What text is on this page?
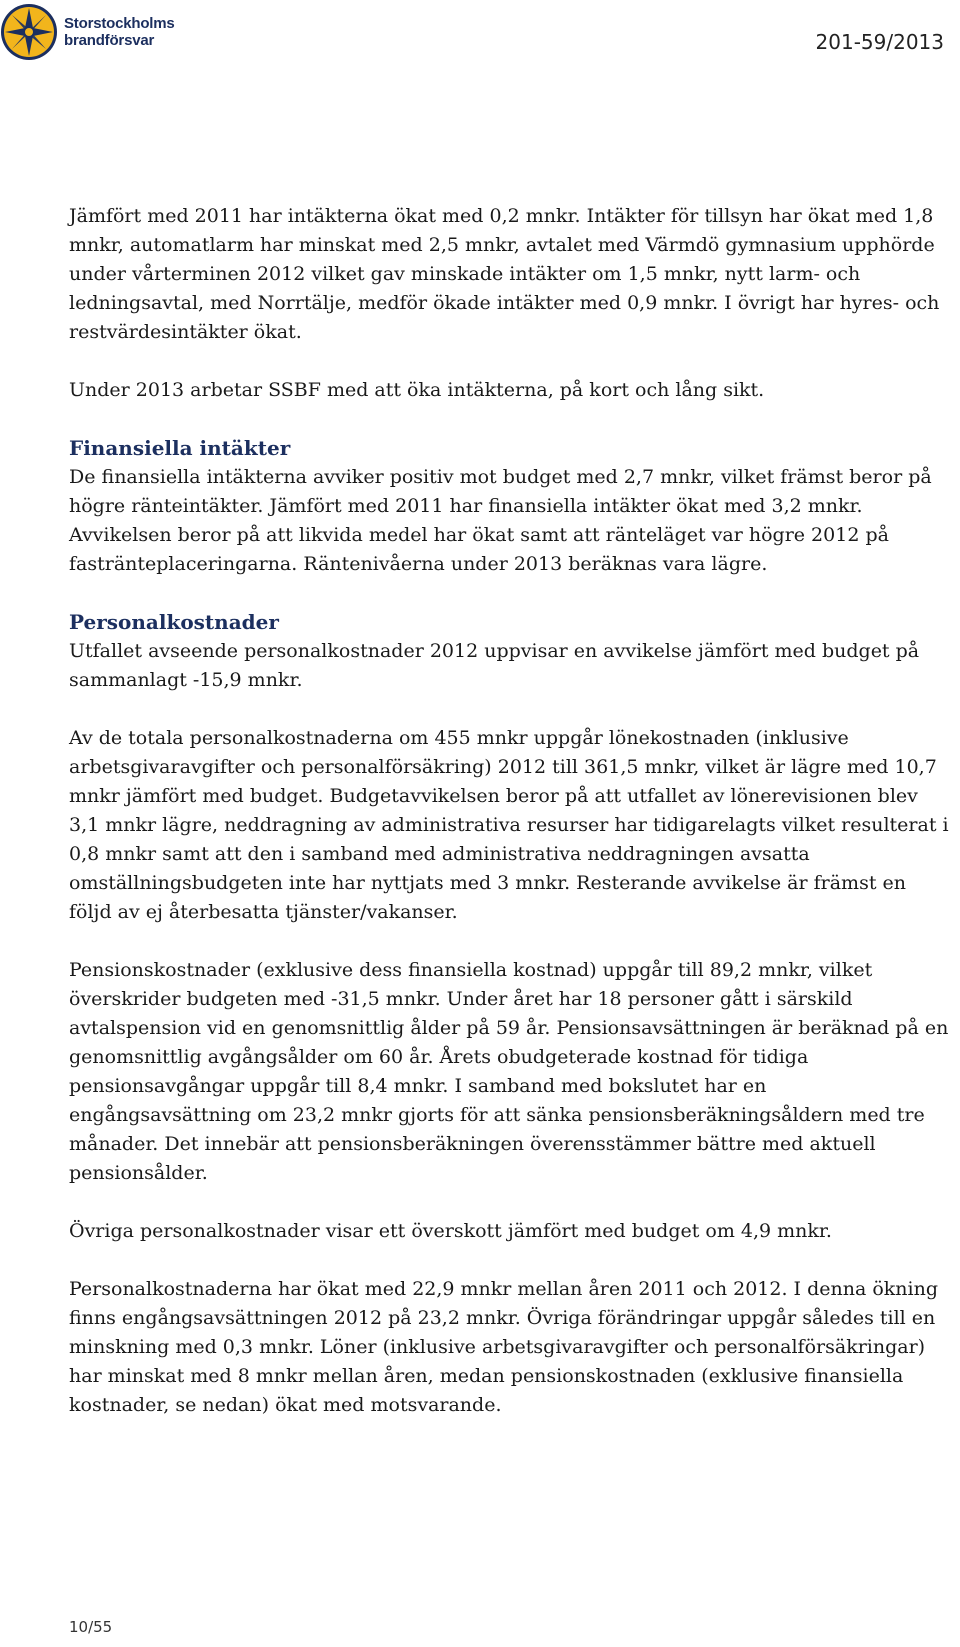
Storstockholms
brandförsvar	201-59/2013

Jämfört med 2011 har intäkterna ökat med 0,2 mnkr. Intäkter för tillsyn har ökat med 1,8 mnkr, automatlarm har minskat med 2,5 mnkr, avtalet med Värmdö gymnasium upphörde under vårterminen 2012 vilket gav minskade intäkter om 1,5 mnkr, nytt larm- och ledningsavtal, med Norrtälje, medför ökade intäkter med 0,9 mnkr. I övrigt har hyres- och restvärdesintäkter ökat.

Under 2013 arbetar SSBF med att öka intäkterna, på kort och lång sikt.

Finansiella intäkter

De finansiella intäkterna avviker positiv mot budget med 2,7 mnkr, vilket främst beror på högre ränteintäkter. Jämfört med 2011 har finansiella intäkter ökat med 3,2 mnkr. Avvikelsen beror på att likvida medel har ökat samt att ränteläget var högre 2012 på fasträntеplaceringarna. Räntenivåerna under 2013 beräknas vara lägre.

Personalkostnader

Utfallet avseende personalkostnader 2012 uppvisar en avvikelse jämfört med budget på sammanlagt -15,9 mnkr.

Av de totala personalkostnaderna om 455 mnkr uppgår lönekostnaden (inklusive arbetsgivaravgifter och personalförsäkring) 2012 till 361,5 mnkr, vilket är lägre med 10,7 mnkr jämfört med budget. Budgetavvikelsen beror på att utfallet av lönerevisionen blev 3,1 mnkr lägre, neddragning av administrativa resurser har tidigarelagts vilket resulterat i 0,8 mnkr samt att den i samband med administrativa neddragningen avsatta omställningsbudgeten inte har nyttjats med 3 mnkr. Resterande avvikelse är främst en följd av ej återbesatta tjänster/vakanser.

Pensionskostnader (exklusive dess finansiella kostnad) uppgår till 89,2 mnkr, vilket överskrider budgeten med -31,5 mnkr. Under året har 18 personer gått i särskild avtalspension vid en genomsnittlig ålder på 59 år. Pensionsavsättningen är beräknad på en genomsnittlig avgångsålder om 60 år. Årets obudgeterade kostnad för tidiga pensionsavgångar uppgår till 8,4 mnkr. I samband med bokslutet har en engångsavsättning om 23,2 mnkr gjorts för att sänka pensionsberäkningsåldern med tre månader. Det innebär att pensionsberäkningen överensstämmer bättre med aktuell pensionsålder.

Övriga personalkostnader visar ett överskott jämfört med budget om 4,9 mnkr.

Personalkostnaderna har ökat med 22,9 mnkr mellan åren 2011 och 2012. I denna ökning finns engångsavsättningen 2012 på 23,2 mnkr. Övriga förändringar uppgår således till en minskning med 0,3 mnkr. Löner (inklusive arbetsgivaravgifter och personalförsäkringar) har minskat med 8 mnkr mellan åren, medan pensionskostnaden (exklusive finansiella kostnader, se nedan) ökat med motsvarande.

10/55
